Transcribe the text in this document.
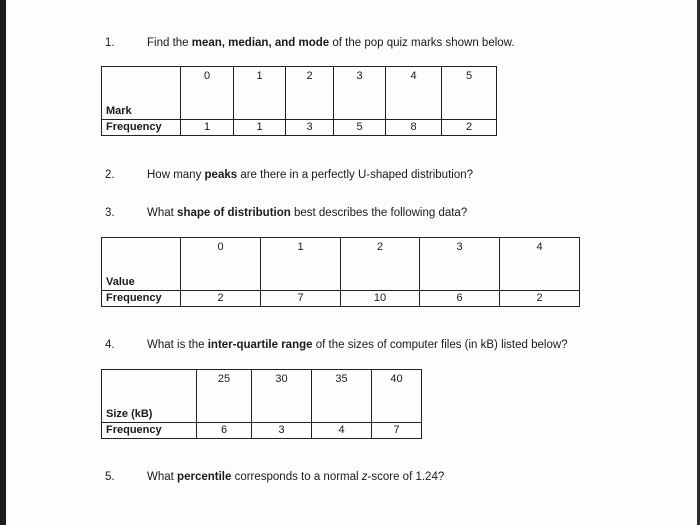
1.	Find the mean, median, and mode of the pop quiz marks shown below.
Mark	0	1	2	3	4	5
Frequency	1	1	3	5	8	2
2.	How many peaks are there in a perfectly U-shaped distribution?
3.	What shape of distribution best describes the following data?
Value	0	1	2	3	4
Frequency	2	7	10	6	2
4.	What is the inter-quartile range of the sizes of computer files (in kB) listed below?
Size (kB)	25	30	35	40
Frequency	6	3	4	7
5.	What percentile corresponds to a normal z-score of 1.24?
